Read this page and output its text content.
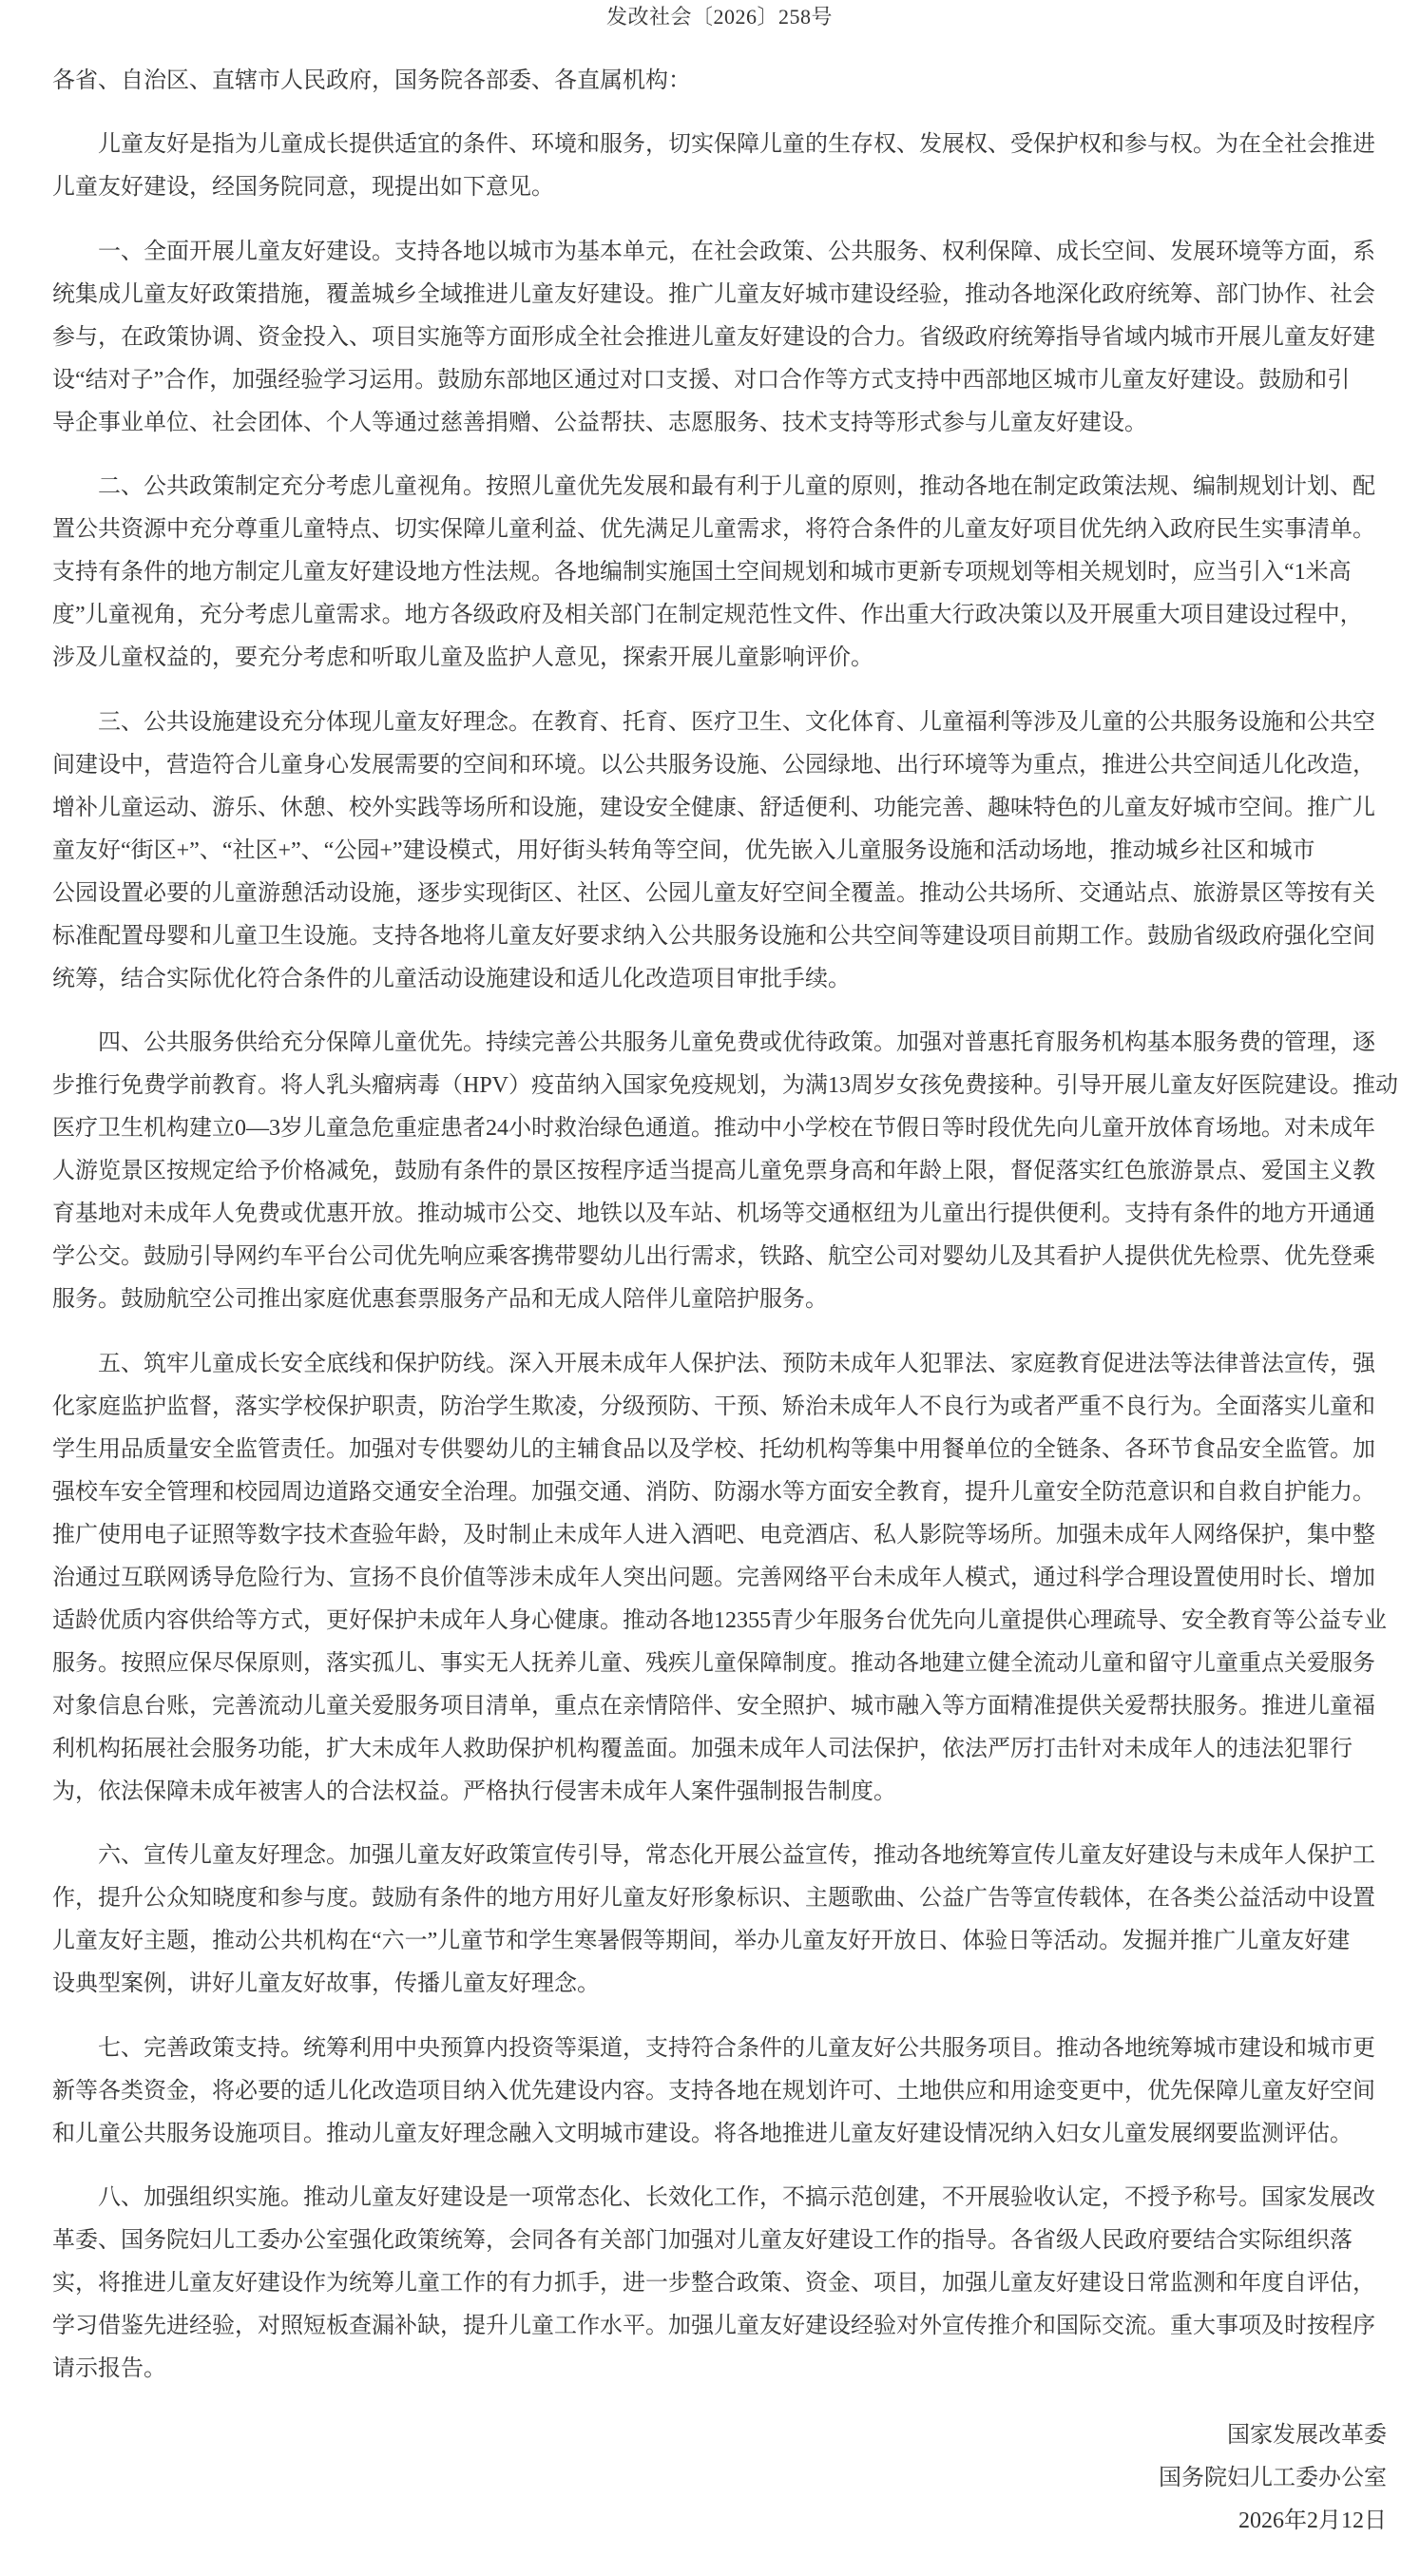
发改社会〔2026〕258号
各省、自治区、直辖市人民政府，国务院各部委、各直属机构：
儿童友好是指为儿童成长提供适宜的条件、环境和服务，切实保障儿童的生存权、发展权、受保护权和参与权。为在全社会推进
儿童友好建设，经国务院同意，现提出如下意见。
一、全面开展儿童友好建设。支持各地以城市为基本单元，在社会政策、公共服务、权利保障、成长空间、发展环境等方面，系
统集成儿童友好政策措施，覆盖城乡全域推进儿童友好建设。推广儿童友好城市建设经验，推动各地深化政府统筹、部门协作、社会
参与，在政策协调、资金投入、项目实施等方面形成全社会推进儿童友好建设的合力。省级政府统筹指导省域内城市开展儿童友好建
设“结对子”合作，加强经验学习运用。鼓励东部地区通过对口支援、对口合作等方式支持中西部地区城市儿童友好建设。鼓励和引
导企事业单位、社会团体、个人等通过慈善捐赠、公益帮扶、志愿服务、技术支持等形式参与儿童友好建设。
二、公共政策制定充分考虑儿童视角。按照儿童优先发展和最有利于儿童的原则，推动各地在制定政策法规、编制规划计划、配
置公共资源中充分尊重儿童特点、切实保障儿童利益、优先满足儿童需求，将符合条件的儿童友好项目优先纳入政府民生实事清单。
支持有条件的地方制定儿童友好建设地方性法规。各地编制实施国土空间规划和城市更新专项规划等相关规划时，应当引入“1米高
度”儿童视角，充分考虑儿童需求。地方各级政府及相关部门在制定规范性文件、作出重大行政决策以及开展重大项目建设过程中，
涉及儿童权益的，要充分考虑和听取儿童及监护人意见，探索开展儿童影响评价。
三、公共设施建设充分体现儿童友好理念。在教育、托育、医疗卫生、文化体育、儿童福利等涉及儿童的公共服务设施和公共空
间建设中，营造符合儿童身心发展需要的空间和环境。以公共服务设施、公园绿地、出行环境等为重点，推进公共空间适儿化改造，
增补儿童运动、游乐、休憩、校外实践等场所和设施，建设安全健康、舒适便利、功能完善、趣味特色的儿童友好城市空间。推广儿
童友好“街区+”、“社区+”、“公园+”建设模式，用好街头转角等空间，优先嵌入儿童服务设施和活动场地，推动城乡社区和城市
公园设置必要的儿童游憩活动设施，逐步实现街区、社区、公园儿童友好空间全覆盖。推动公共场所、交通站点、旅游景区等按有关
标准配置母婴和儿童卫生设施。支持各地将儿童友好要求纳入公共服务设施和公共空间等建设项目前期工作。鼓励省级政府强化空间
统筹，结合实际优化符合条件的儿童活动设施建设和适儿化改造项目审批手续。
四、公共服务供给充分保障儿童优先。持续完善公共服务儿童免费或优待政策。加强对普惠托育服务机构基本服务费的管理，逐
步推行免费学前教育。将人乳头瘤病毒（HPV）疫苗纳入国家免疫规划，为满13周岁女孩免费接种。引导开展儿童友好医院建设。推动
医疗卫生机构建立0—3岁儿童急危重症患者24小时救治绿色通道。推动中小学校在节假日等时段优先向儿童开放体育场地。对未成年
人游览景区按规定给予价格减免，鼓励有条件的景区按程序适当提高儿童免票身高和年龄上限，督促落实红色旅游景点、爱国主义教
育基地对未成年人免费或优惠开放。推动城市公交、地铁以及车站、机场等交通枢纽为儿童出行提供便利。支持有条件的地方开通通
学公交。鼓励引导网约车平台公司优先响应乘客携带婴幼儿出行需求，铁路、航空公司对婴幼儿及其看护人提供优先检票、优先登乘
服务。鼓励航空公司推出家庭优惠套票服务产品和无成人陪伴儿童陪护服务。
五、筑牢儿童成长安全底线和保护防线。深入开展未成年人保护法、预防未成年人犯罪法、家庭教育促进法等法律普法宣传，强
化家庭监护监督，落实学校保护职责，防治学生欺凌，分级预防、干预、矫治未成年人不良行为或者严重不良行为。全面落实儿童和
学生用品质量安全监管责任。加强对专供婴幼儿的主辅食品以及学校、托幼机构等集中用餐单位的全链条、各环节食品安全监管。加
强校车安全管理和校园周边道路交通安全治理。加强交通、消防、防溺水等方面安全教育，提升儿童安全防范意识和自救自护能力。
推广使用电子证照等数字技术查验年龄，及时制止未成年人进入酒吧、电竞酒店、私人影院等场所。加强未成年人网络保护，集中整
治通过互联网诱导危险行为、宣扬不良价值等涉未成年人突出问题。完善网络平台未成年人模式，通过科学合理设置使用时长、增加
适龄优质内容供给等方式，更好保护未成年人身心健康。推动各地12355青少年服务台优先向儿童提供心理疏导、安全教育等公益专业
服务。按照应保尽保原则，落实孤儿、事实无人抚养儿童、残疾儿童保障制度。推动各地建立健全流动儿童和留守儿童重点关爱服务
对象信息台账，完善流动儿童关爱服务项目清单，重点在亲情陪伴、安全照护、城市融入等方面精准提供关爱帮扶服务。推进儿童福
利机构拓展社会服务功能，扩大未成年人救助保护机构覆盖面。加强未成年人司法保护，依法严厉打击针对未成年人的违法犯罪行
为，依法保障未成年被害人的合法权益。严格执行侵害未成年人案件强制报告制度。
六、宣传儿童友好理念。加强儿童友好政策宣传引导，常态化开展公益宣传，推动各地统筹宣传儿童友好建设与未成年人保护工
作，提升公众知晓度和参与度。鼓励有条件的地方用好儿童友好形象标识、主题歌曲、公益广告等宣传载体，在各类公益活动中设置
儿童友好主题，推动公共机构在“六一”儿童节和学生寒暑假等期间，举办儿童友好开放日、体验日等活动。发掘并推广儿童友好建
设典型案例，讲好儿童友好故事，传播儿童友好理念。
七、完善政策支持。统筹利用中央预算内投资等渠道，支持符合条件的儿童友好公共服务项目。推动各地统筹城市建设和城市更
新等各类资金，将必要的适儿化改造项目纳入优先建设内容。支持各地在规划许可、土地供应和用途变更中，优先保障儿童友好空间
和儿童公共服务设施项目。推动儿童友好理念融入文明城市建设。将各地推进儿童友好建设情况纳入妇女儿童发展纲要监测评估。
八、加强组织实施。推动儿童友好建设是一项常态化、长效化工作，不搞示范创建，不开展验收认定，不授予称号。国家发展改
革委、国务院妇儿工委办公室强化政策统筹，会同各有关部门加强对儿童友好建设工作的指导。各省级人民政府要结合实际组织落
实，将推进儿童友好建设作为统筹儿童工作的有力抓手，进一步整合政策、资金、项目，加强儿童友好建设日常监测和年度自评估，
学习借鉴先进经验，对照短板查漏补缺，提升儿童工作水平。加强儿童友好建设经验对外宣传推介和国际交流。重大事项及时按程序
请示报告。
国家发展改革委
国务院妇儿工委办公室
2026年2月12日
